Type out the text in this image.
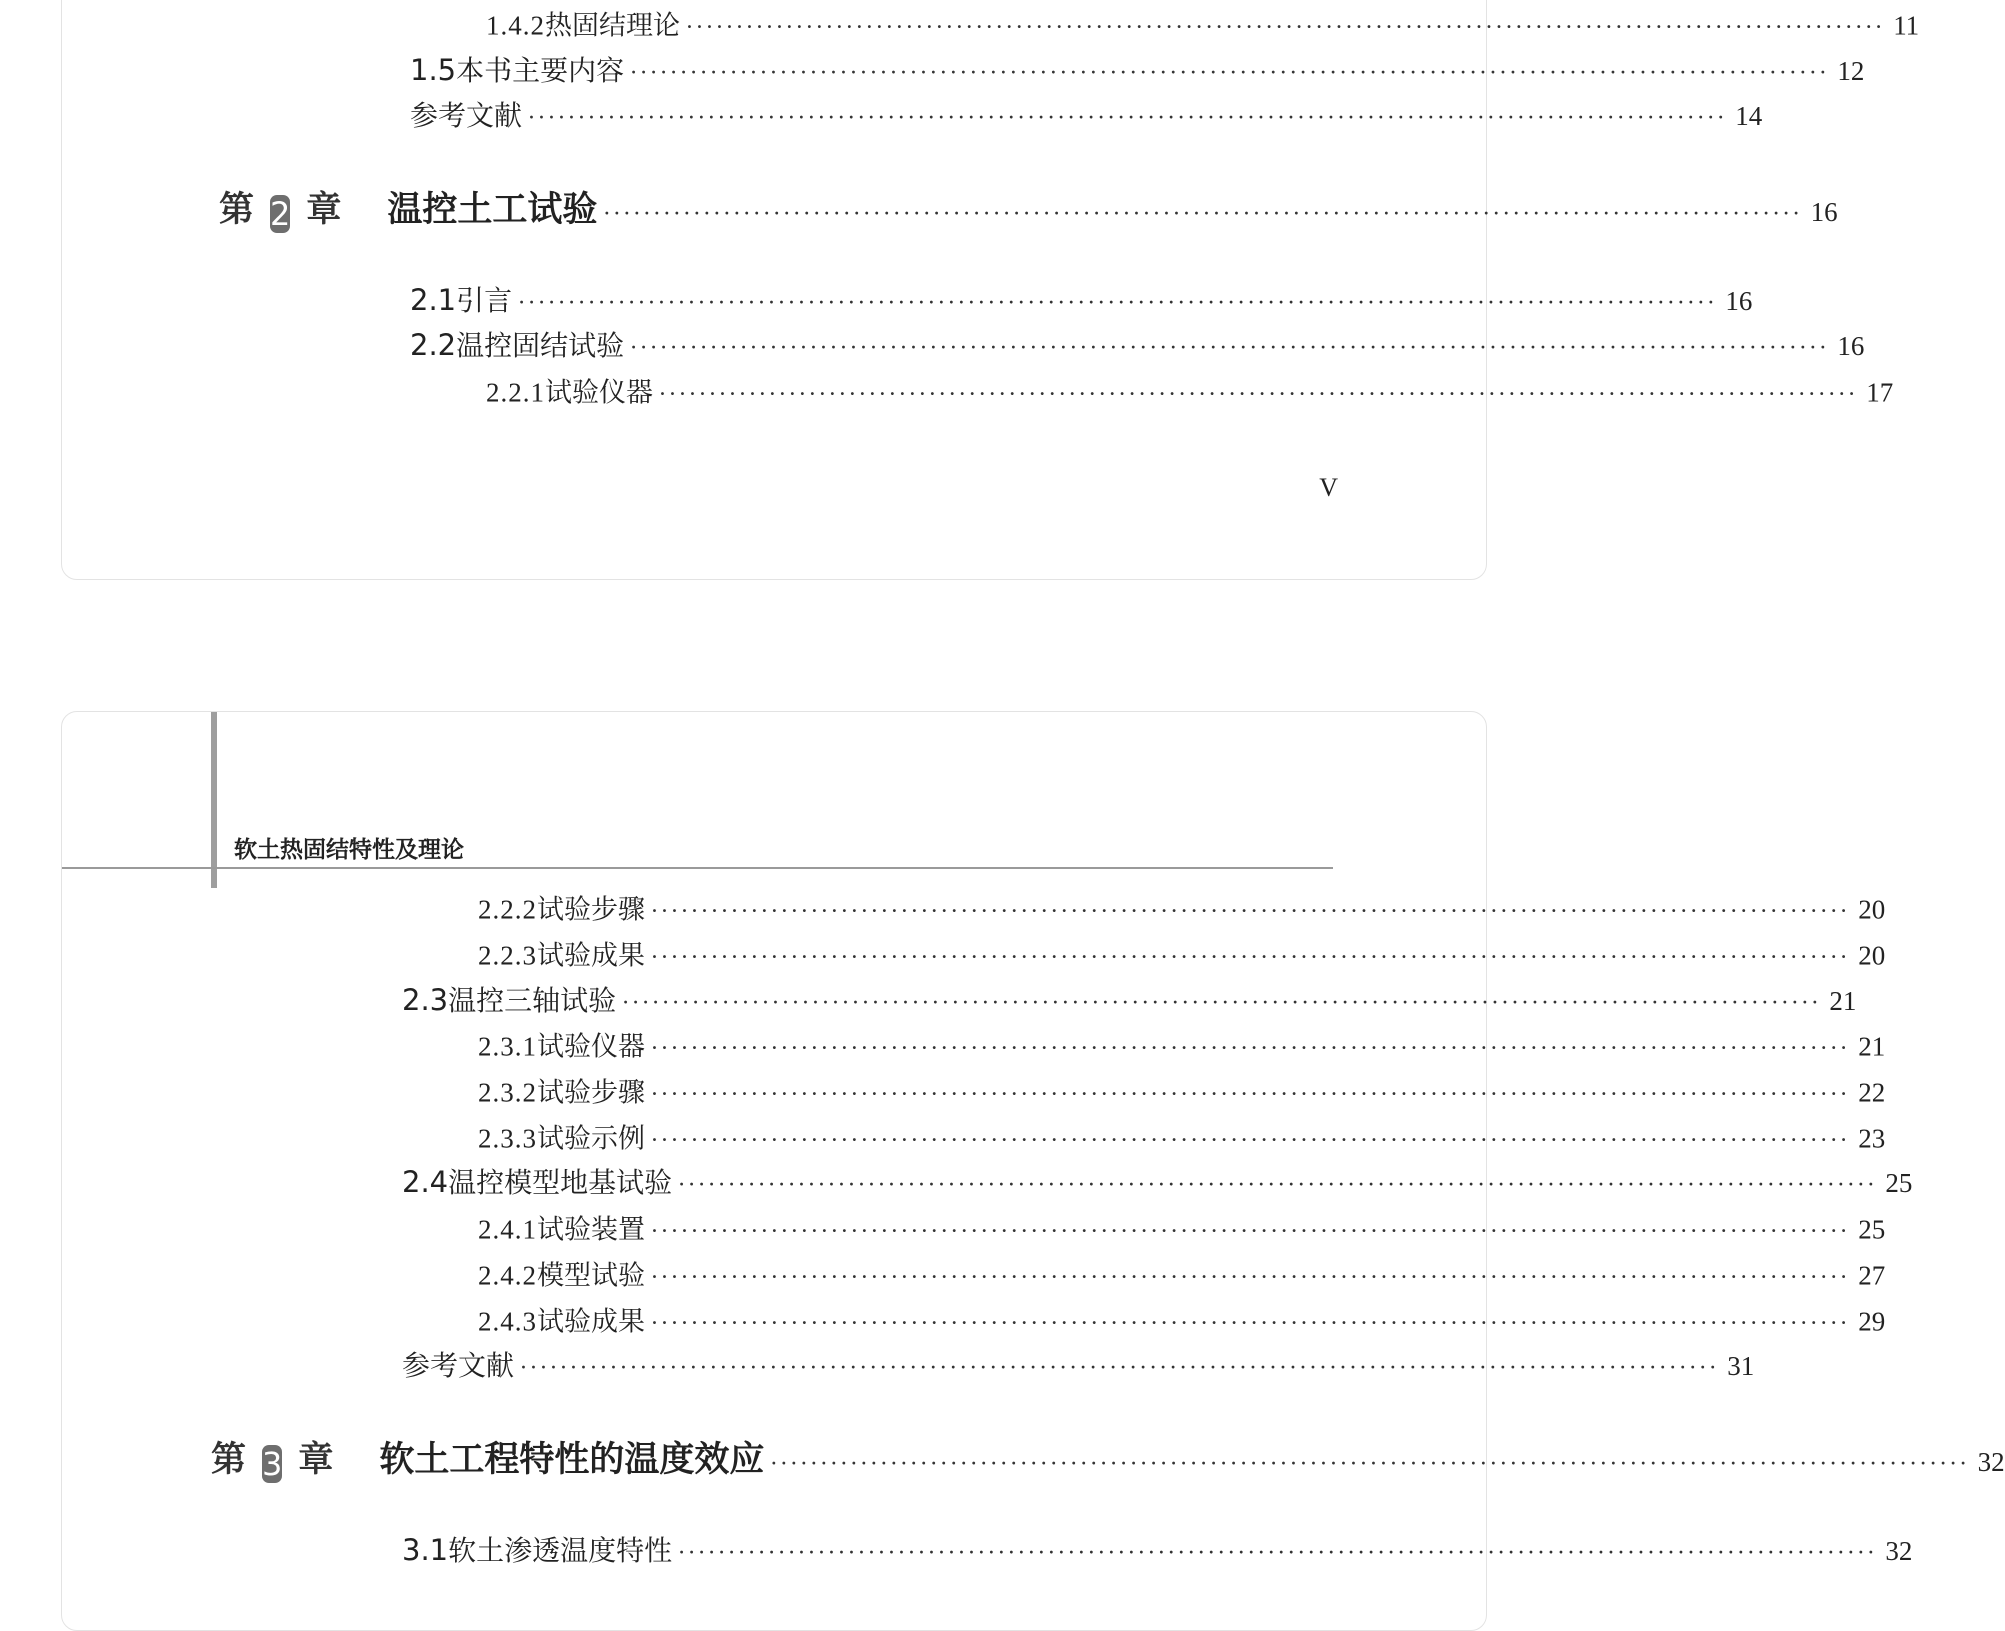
1.4.2 热固结理论 ························································································································ 11
1.5 本书主要内容 ························································································································ 12
参考文献 ························································································································ 14
第 2 章 温控土工试验 ························································································································ 16
2.1 引言 ························································································································ 16
2.2 温控固结试验 ························································································································ 16
2.2.1 试验仪器 ························································································································ 17
V
软土热固结特性及理论
2.2.2 试验步骤 ························································································································ 20
2.2.3 试验成果 ························································································································ 20
2.3 温控三轴试验 ························································································································ 21
2.3.1 试验仪器 ························································································································ 21
2.3.2 试验步骤 ························································································································ 22
2.3.3 试验示例 ························································································································ 23
2.4 温控模型地基试验 ························································································································ 25
2.4.1 试验装置 ························································································································ 25
2.4.2 模型试验 ························································································································ 27
2.4.3 试验成果 ························································································································ 29
参考文献 ························································································································ 31
第 3 章 软土工程特性的温度效应 ························································································································ 32
3.1 软土渗透温度特性 ························································································································ 32
